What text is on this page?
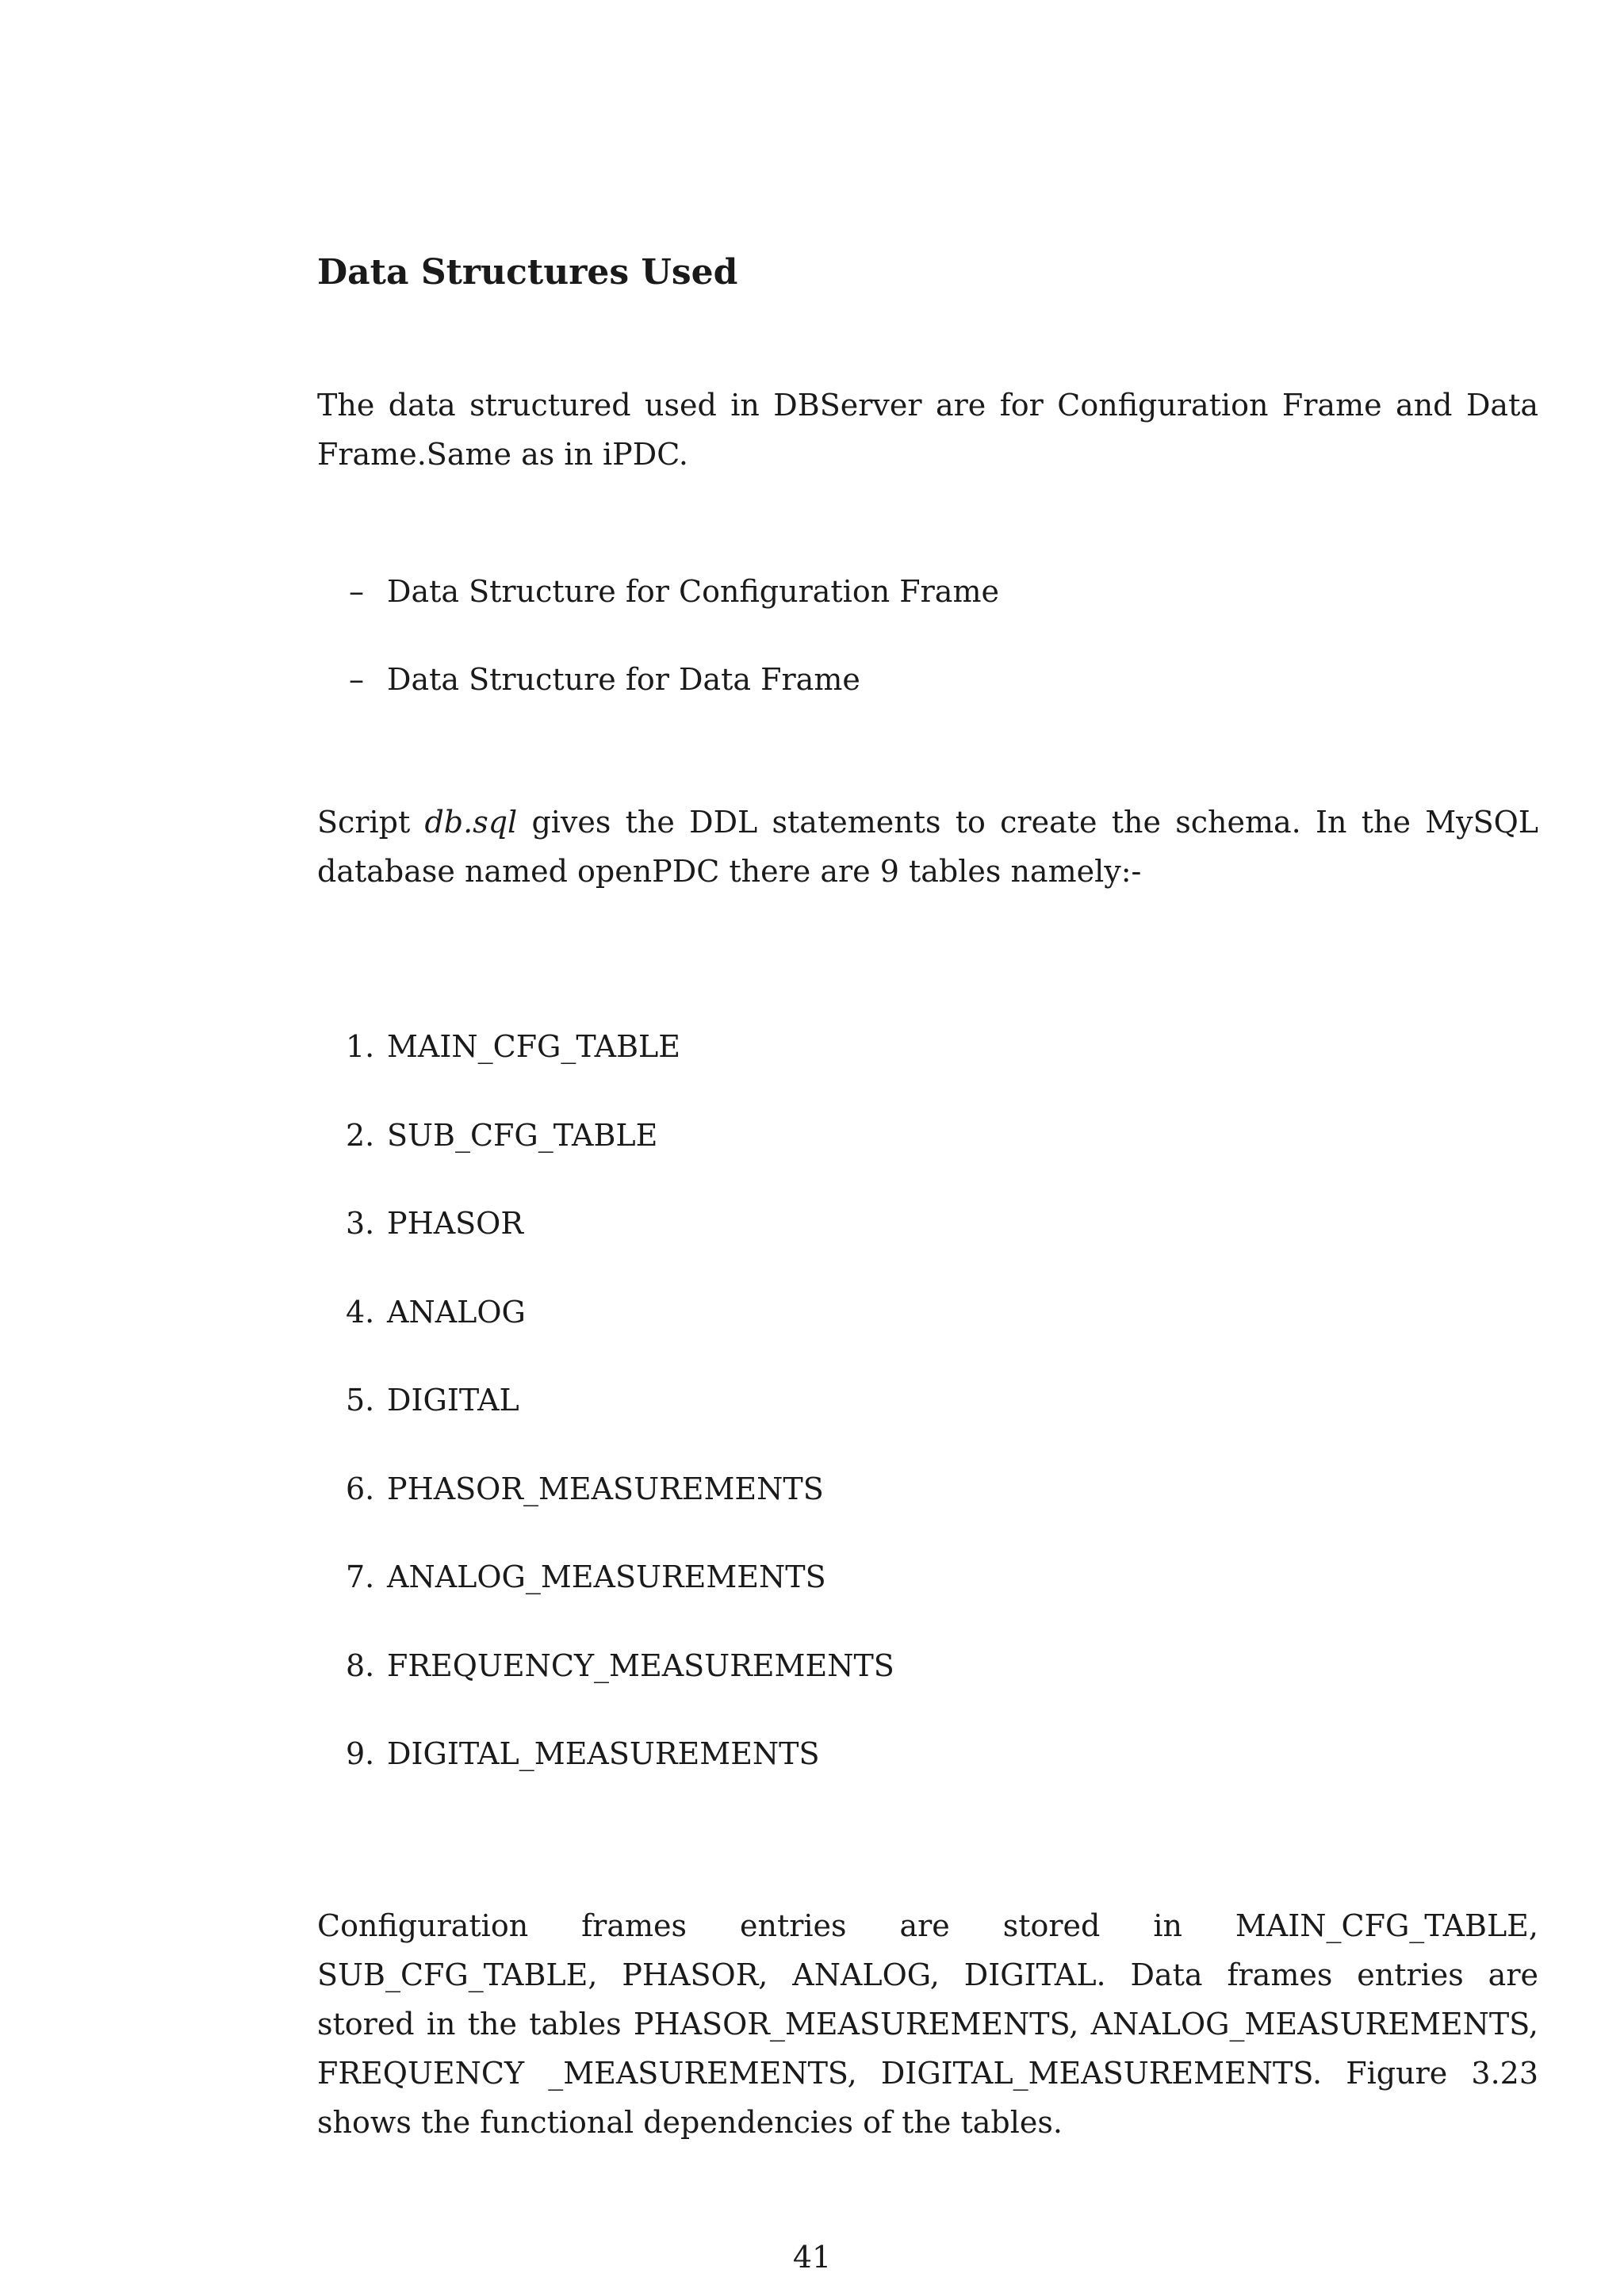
Data Structures Used

The data structured used in DBServer are for Configuration Frame and Data Frame.Same as in iPDC.

– Data Structure for Configuration Frame
– Data Structure for Data Frame

Script db.sql gives the DDL statements to create the schema. In the MySQL database named openPDC there are 9 tables namely:-

1. MAIN_CFG_TABLE
2. SUB_CFG_TABLE
3. PHASOR
4. ANALOG
5. DIGITAL
6. PHASOR_MEASUREMENTS
7. ANALOG_MEASUREMENTS
8. FREQUENCY_MEASUREMENTS
9. DIGITAL_MEASUREMENTS

Configuration frames entries are stored in MAIN_CFG_TABLE, SUB_CFG_TABLE, PHASOR, ANALOG, DIGITAL. Data frames entries are stored in the tables PHASOR_MEASUREMENTS, ANALOG_MEASUREMENTS, FREQUENCY _MEASUREMENTS, DIGITAL_MEASUREMENTS. Figure 3.23 shows the functional dependencies of the tables.

41
